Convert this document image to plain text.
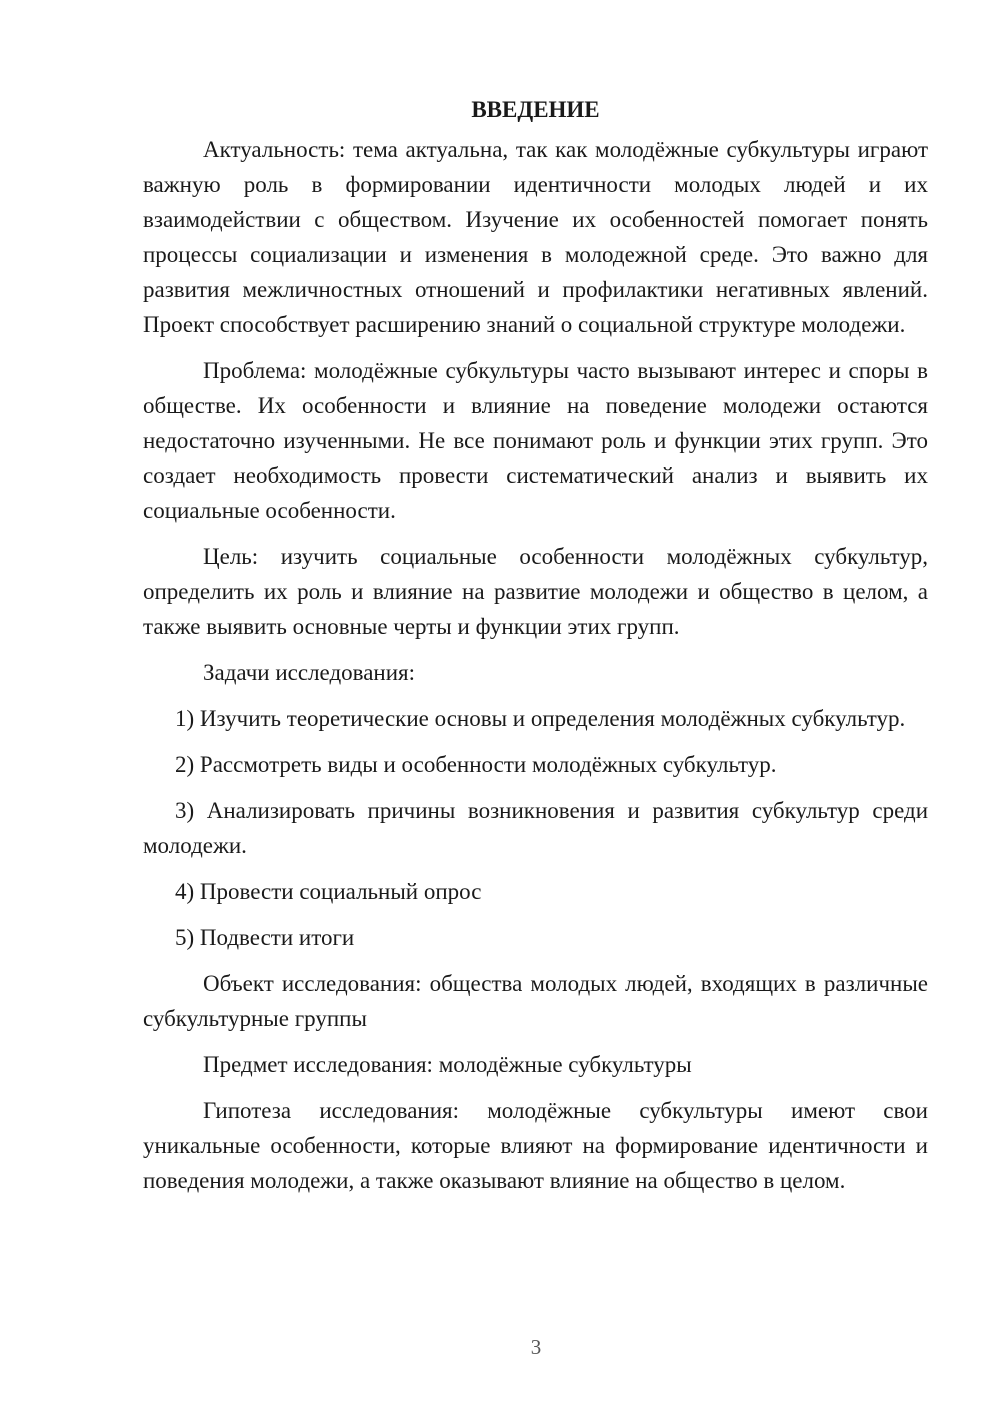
ВВЕДЕНИЕ

Актуальность: тема актуальна, так как молодёжные субкультуры играют важную роль в формировании идентичности молодых людей и их взаимодействии с обществом. Изучение их особенностей помогает понять процессы социализации и изменения в молодежной среде. Это важно для развития межличностных отношений и профилактики негативных явлений. Проект способствует расширению знаний о социальной структуре молодежи.

Проблема: молодёжные субкультуры часто вызывают интерес и споры в обществе. Их особенности и влияние на поведение молодежи остаются недостаточно изученными. Не все понимают роль и функции этих групп. Это создает необходимость провести систематический анализ и выявить их социальные особенности.

Цель: изучить социальные особенности молодёжных субкультур, определить их роль и влияние на развитие молодежи и общество в целом, а также выявить основные черты и функции этих групп.

Задачи исследования:

1) Изучить теоретические основы и определения молодёжных субкультур.

2) Рассмотреть виды и особенности молодёжных субкультур.

3) Анализировать причины возникновения и развития субкультур среди молодежи.

4) Провести социальный опрос

5) Подвести итоги

Объект исследования: общества молодых людей, входящих в различные субкультурные группы

Предмет исследования: молодёжные субкультуры

Гипотеза исследования: молодёжные субкультуры имеют свои уникальные особенности, которые влияют на формирование идентичности и поведения молодежи, а также оказывают влияние на общество в целом.

3
